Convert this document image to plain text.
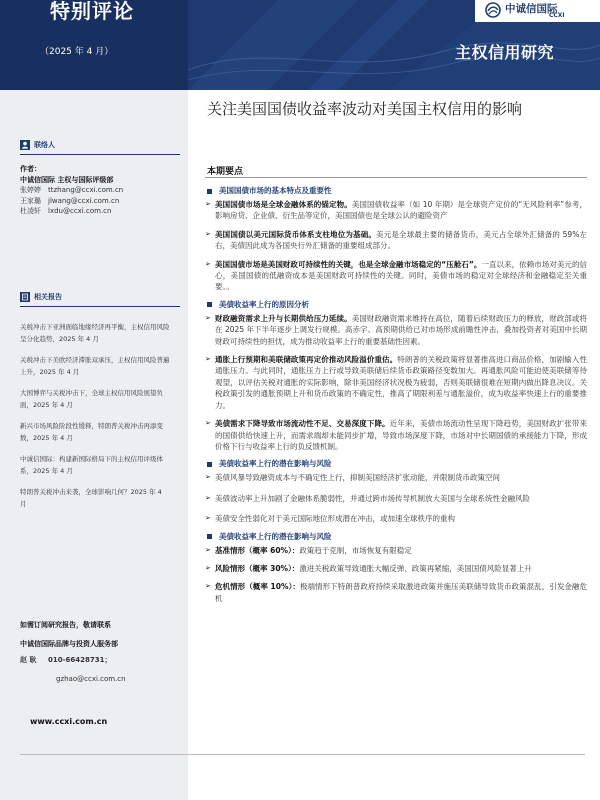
特别评论
（2025 年 4 月）
中诚信国际
CCXI
主权信用研究
联络人
作者：
中诚信国际 主权与国际评级部
张婷婷	ttzhang@ccxi.com.cn
王家璐	jlwang@ccxi.com.cn
杜凌轩	lxdu@ccxi.com.cn
相关报告
关税冲击下亚洲面临地缘经济再平衡，主权信用风险呈分化趋势，2025 年 4 月
关税冲击下美欧经济滞胀双承压，主权信用风险普遍上升，2025 年 4 月
大国博弈与关税冲击下，全球主权信用风险展望负面，2025 年 4 月
新兴市场风险阶段性缓释，特朗普关税冲击再添变数，2025 年 4 月
中诚信国际：构建新国际格局下的主权信用评级体系，2025 年 4 月
特朗普关税冲击来袭，全球影响几何？2025 年 4 月
如需订阅研究报告，敬请联系
中诚信国际品牌与投资人服务部
赵 耿	010-66428731；
gzhao@ccxi.com.cn
www.ccxi.com.cn
关注美国国债收益率波动对美国主权信用的影响
本期要点
美国国债市场的基本特点及重要性
➢ 美国国债市场是全球金融体系的锚定物。美国国债收益率（如 10 年期）是全球资产定价的“无风险利率”参考，影响房贷、企业债、衍生品等定价，美国国债也是全球公认的避险资产
➢ 美国国债以美元国际货币体系支柱地位为基础。美元是全球最主要的储备货币，美元占全球外汇储备的 59%左右，美债因此成为各国央行外汇储备的重要组成部分。
➢ 美国国债市场是美国财政可持续性的关键，也是全球金融市场稳定的“压舱石”。一直以来，依赖市场对美元的信心，美国国债的低融资成本是美国财政可持续性的关键。同时，美债市场的稳定对全球经济和金融稳定至关重要。。
美债收益率上行的原因分析
➢ 财政融资需求上升与长期供给压力延续。美国财政融资需求维持在高位，随着后续财政压力的释放，财政部或将在 2025 年下半年逐步上调发行规模。高赤字、高预期供给已对市场形成前瞻性冲击，叠加投资者对美国中长期财政可持续性的担忧，成为推动收益率上行的重要基础性因素。
➢ 通胀上行预期和美联储政策再定价推动风险溢价重估。特朗普的关税政策将显著推高进口商品价格，加剧输入性通胀压力。与此同时，通胀压力上行或导致美联储后续货币政策路径变数加大。再通胀风险可能迫使美联储等待观望，以评估关税对通胀的实际影响，除非美国经济状况极为疲弱，否则美联储很难在短期内做出降息决议。关税政策引发的通胀预期上升和货币政策的不确定性，推高了期限利差与通胀溢价，成为收益率快速上行的重要推力。
➢ 美债需求下降导致市场流动性不足、交易深度下降。近年来，美债市场流动性呈现下降趋势，美国财政扩张带来的国债供给快速上升，而需求端却未能同步扩增，导致市场深度下降，市场对中长期国债的承接能力下降，形成价格下行与收益率上行的负反馈机制。
美债收益率上行的潜在影响与风险
➢ 美债风暴导致融资成本与不确定性上行，抑制美国经济扩张动能，并限制货币政策空间
➢ 美债波动率上升加剧了金融体系脆弱性，并通过跨市场传导机制放大美国与全球系统性金融风险
➢ 美债安全性弱化对于美元国际地位形成潜在冲击，或加速全球秩序的重构
美债收益率上行的潜在影响与风险
➢ 基准情形（概率 60%）：政策趋于克制，市场恢复有限稳定
➢ 风险情形（概率 30%）：激进关税政策导致通胀大幅反弹、政策再紧缩，美国国债风险显著上升
➢ 危机情形（概率 10%）：极端情形下特朗普政府持续采取激进政策并施压美联储导致货币政策混乱，引发金融危机
